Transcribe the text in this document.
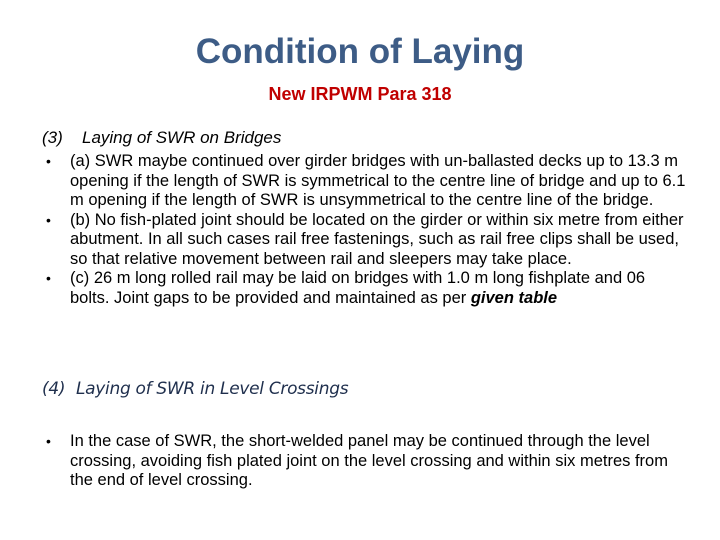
Condition of Laying
New IRPWM Para 318
(3) Laying of SWR on Bridges
• (a) SWR maybe continued over girder bridges with un-ballasted decks up to 13.3 m opening if the length of SWR is symmetrical to the centre line of bridge and up to 6.1 m opening if the length of SWR is unsymmetrical to the centre line of the bridge.
• (b) No fish-plated joint should be located on the girder or within six metre from either abutment. In all such cases rail free fastenings, such as rail free clips shall be used, so that relative movement between rail and sleepers may take place.
• (c) 26 m long rolled rail may be laid on bridges with 1.0 m long fishplate and 06 bolts. Joint gaps to be provided and maintained as per given table
(4) Laying of SWR in Level Crossings
• In the case of SWR, the short-welded panel may be continued through the level crossing, avoiding fish plated joint on the level crossing and within six metres from the end of level crossing.
